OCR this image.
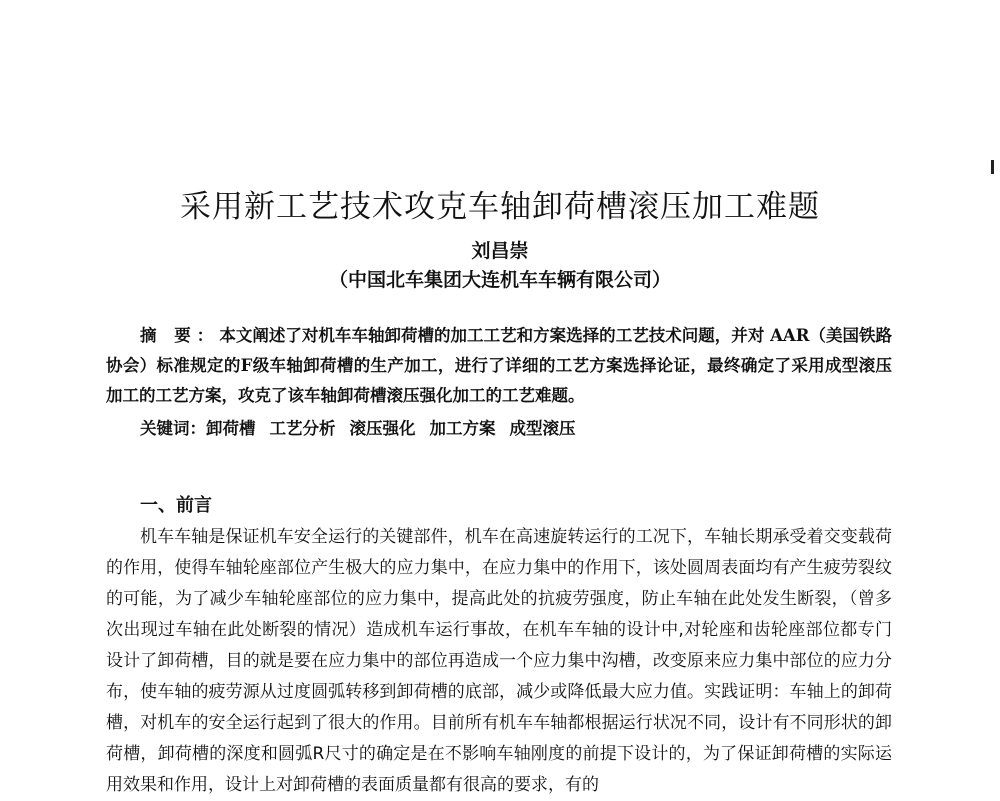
采用新工艺技术攻克车轴卸荷槽滚压加工难题
刘昌崇
（中国北车集团大连机车车辆有限公司）
摘 要：本文阐述了对机车车轴卸荷槽的加工工艺和方案选择的工艺技术问题，并对 AAR（美国铁路协会）标准规定的F级车轴卸荷槽的生产加工，进行了详细的工艺方案选择论证，最终确定了采用成型滚压加工的工艺方案，攻克了该车轴卸荷槽滚压强化加工的工艺难题。
关键词：卸荷槽 工艺分析 滚压强化 加工方案 成型滚压
一、前言

机车车轴是保证机车安全运行的关键部件，机车在高速旋转运行的工况下，车轴长期承受着交变载荷的作用，使得车轴轮座部位产生极大的应力集中，在应力集中的作用下，该处圆周表面均有产生疲劳裂纹的可能，为了减少车轴轮座部位的应力集中，提高此处的抗疲劳强度，防止车轴在此处发生断裂，（曾多次出现过车轴在此处断裂的情况）造成机车运行事故，在机车车轴的设计中,对轮座和齿轮座部位都专门设计了卸荷槽，目的就是要在应力集中的部位再造成一个应力集中沟槽，改变原来应力集中部位的应力分布，使车轴的疲劳源从过度圆弧转移到卸荷槽的底部，减少或降低最大应力值。实践证明：车轴上的卸荷槽，对机车的安全运行起到了很大的作用。目前所有机车车轴都根据运行状况不同，设计有不同形状的卸荷槽，卸荷槽的深度和圆弧R尺寸的确定是在不影响车轴刚度的前提下设计的，为了保证卸荷槽的实际运用效果和作用，设计上对卸荷槽的表面质量都有很高的要求，有的
